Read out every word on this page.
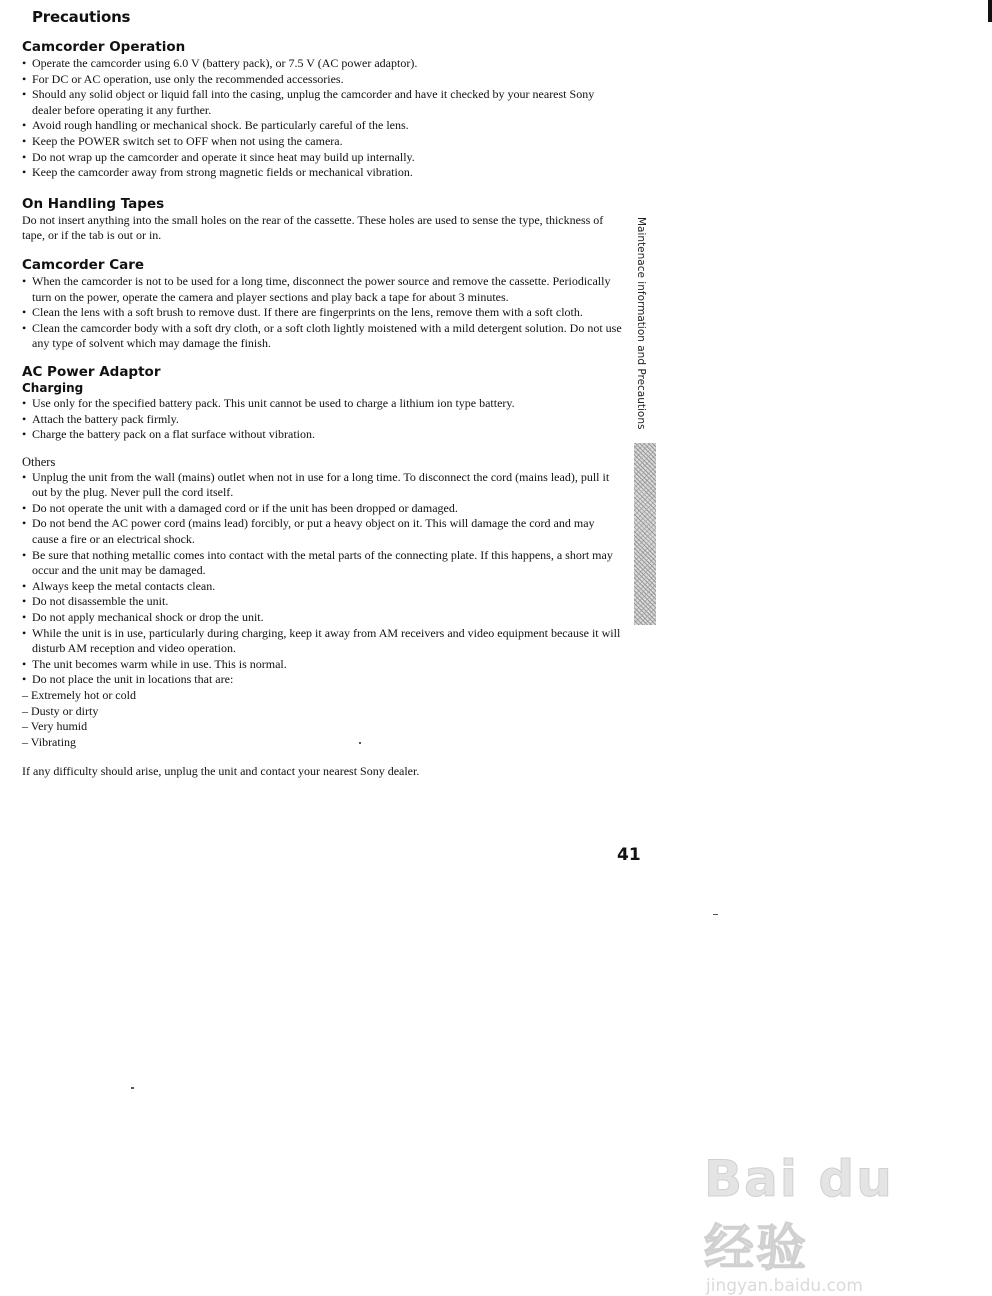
Precautions
Camcorder Operation
• Operate the camcorder using 6.0 V (battery pack), or 7.5 V (AC power adaptor).
• For DC or AC operation, use only the recommended accessories.
• Should any solid object or liquid fall into the casing, unplug the camcorder and have it checked by your nearest Sony dealer before operating it any further.
• Avoid rough handling or mechanical shock. Be particularly careful of the lens.
• Keep the POWER switch set to OFF when not using the camera.
• Do not wrap up the camcorder and operate it since heat may build up internally.
• Keep the camcorder away from strong magnetic fields or mechanical vibration.
On Handling Tapes

Do not insert anything into the small holes on the rear of the cassette. These holes are used to sense the type, thickness of tape, or if the tab is out or in.

Camcorder Care
• When the camcorder is not to be used for a long time, disconnect the power source and remove the cassette. Periodically turn on the power, operate the camera and player sections and play back a tape for about 3 minutes.
• Clean the lens with a soft brush to remove dust. If there are fingerprints on the lens, remove them with a soft cloth.
• Clean the camcorder body with a soft dry cloth, or a soft cloth lightly moistened with a mild detergent solution. Do not use any type of solvent which may damage the finish.
AC Power Adaptor
Charging
• Use only for the specified battery pack. This unit cannot be used to charge a lithium ion type battery.
• Attach the battery pack firmly.
• Charge the battery pack on a flat surface without vibration.
Others
• Unplug the unit from the wall (mains) outlet when not in use for a long time. To disconnect the cord (mains lead), pull it out by the plug. Never pull the cord itself.
• Do not operate the unit with a damaged cord or if the unit has been dropped or damaged.
• Do not bend the AC power cord (mains lead) forcibly, or put a heavy object on it. This will damage the cord and may cause a fire or an electrical shock.
• Be sure that nothing metallic comes into contact with the metal parts of the connecting plate. If this happens, a short may occur and the unit may be damaged.
• Always keep the metal contacts clean.
• Do not disassemble the unit.
• Do not apply mechanical shock or drop the unit.
• While the unit is in use, particularly during charging, keep it away from AM receivers and video equipment because it will disturb AM reception and video operation.
• The unit becomes warm while in use. This is normal.
• Do not place the unit in locations that are:
– Extremely hot or cold
– Dusty or dirty
– Very humid
– Vibrating

If any difficulty should arise, unplug the unit and contact your nearest Sony dealer.

Maintenace information and Precautions
41
Bai du 经验
jingyan.baidu.com
